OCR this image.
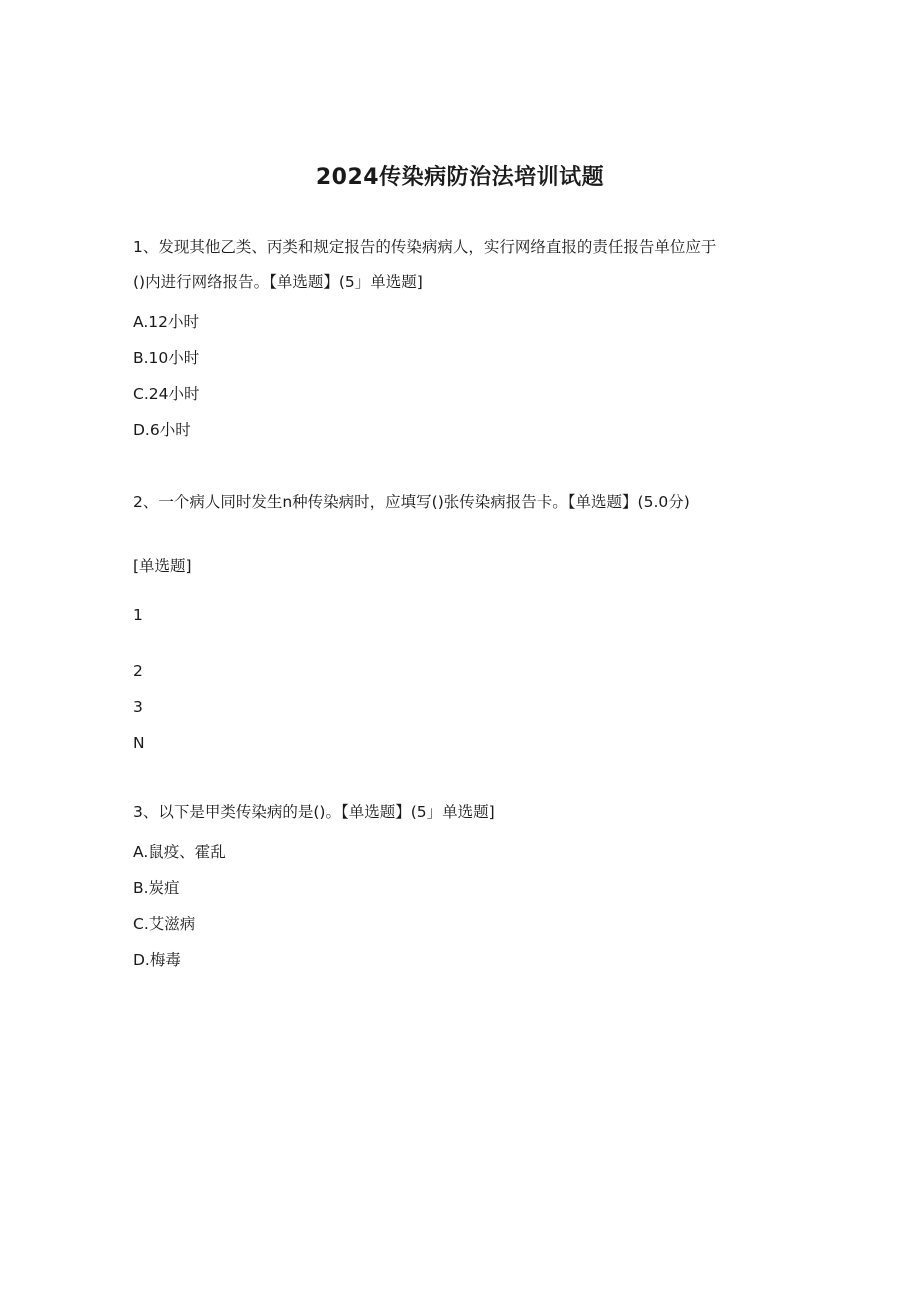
2024传染病防治法培训试题
1、发现其他乙类、丙类和规定报告的传染病病人，实行网络直报的责任报告单位应于
()内进行网络报告。【单选题】(5」单选题]
A.12小时
B.10小时
C.24小时
D.6小时
2、一个病人同时发生n种传染病时，应填写()张传染病报告卡。【单选题】(5.0分)
[单选题]
1
2
3
N
3、以下是甲类传染病的是()。【单选题】(5」单选题]
A.鼠疫、霍乱
B.炭疽
C.艾滋病
D.梅毒
